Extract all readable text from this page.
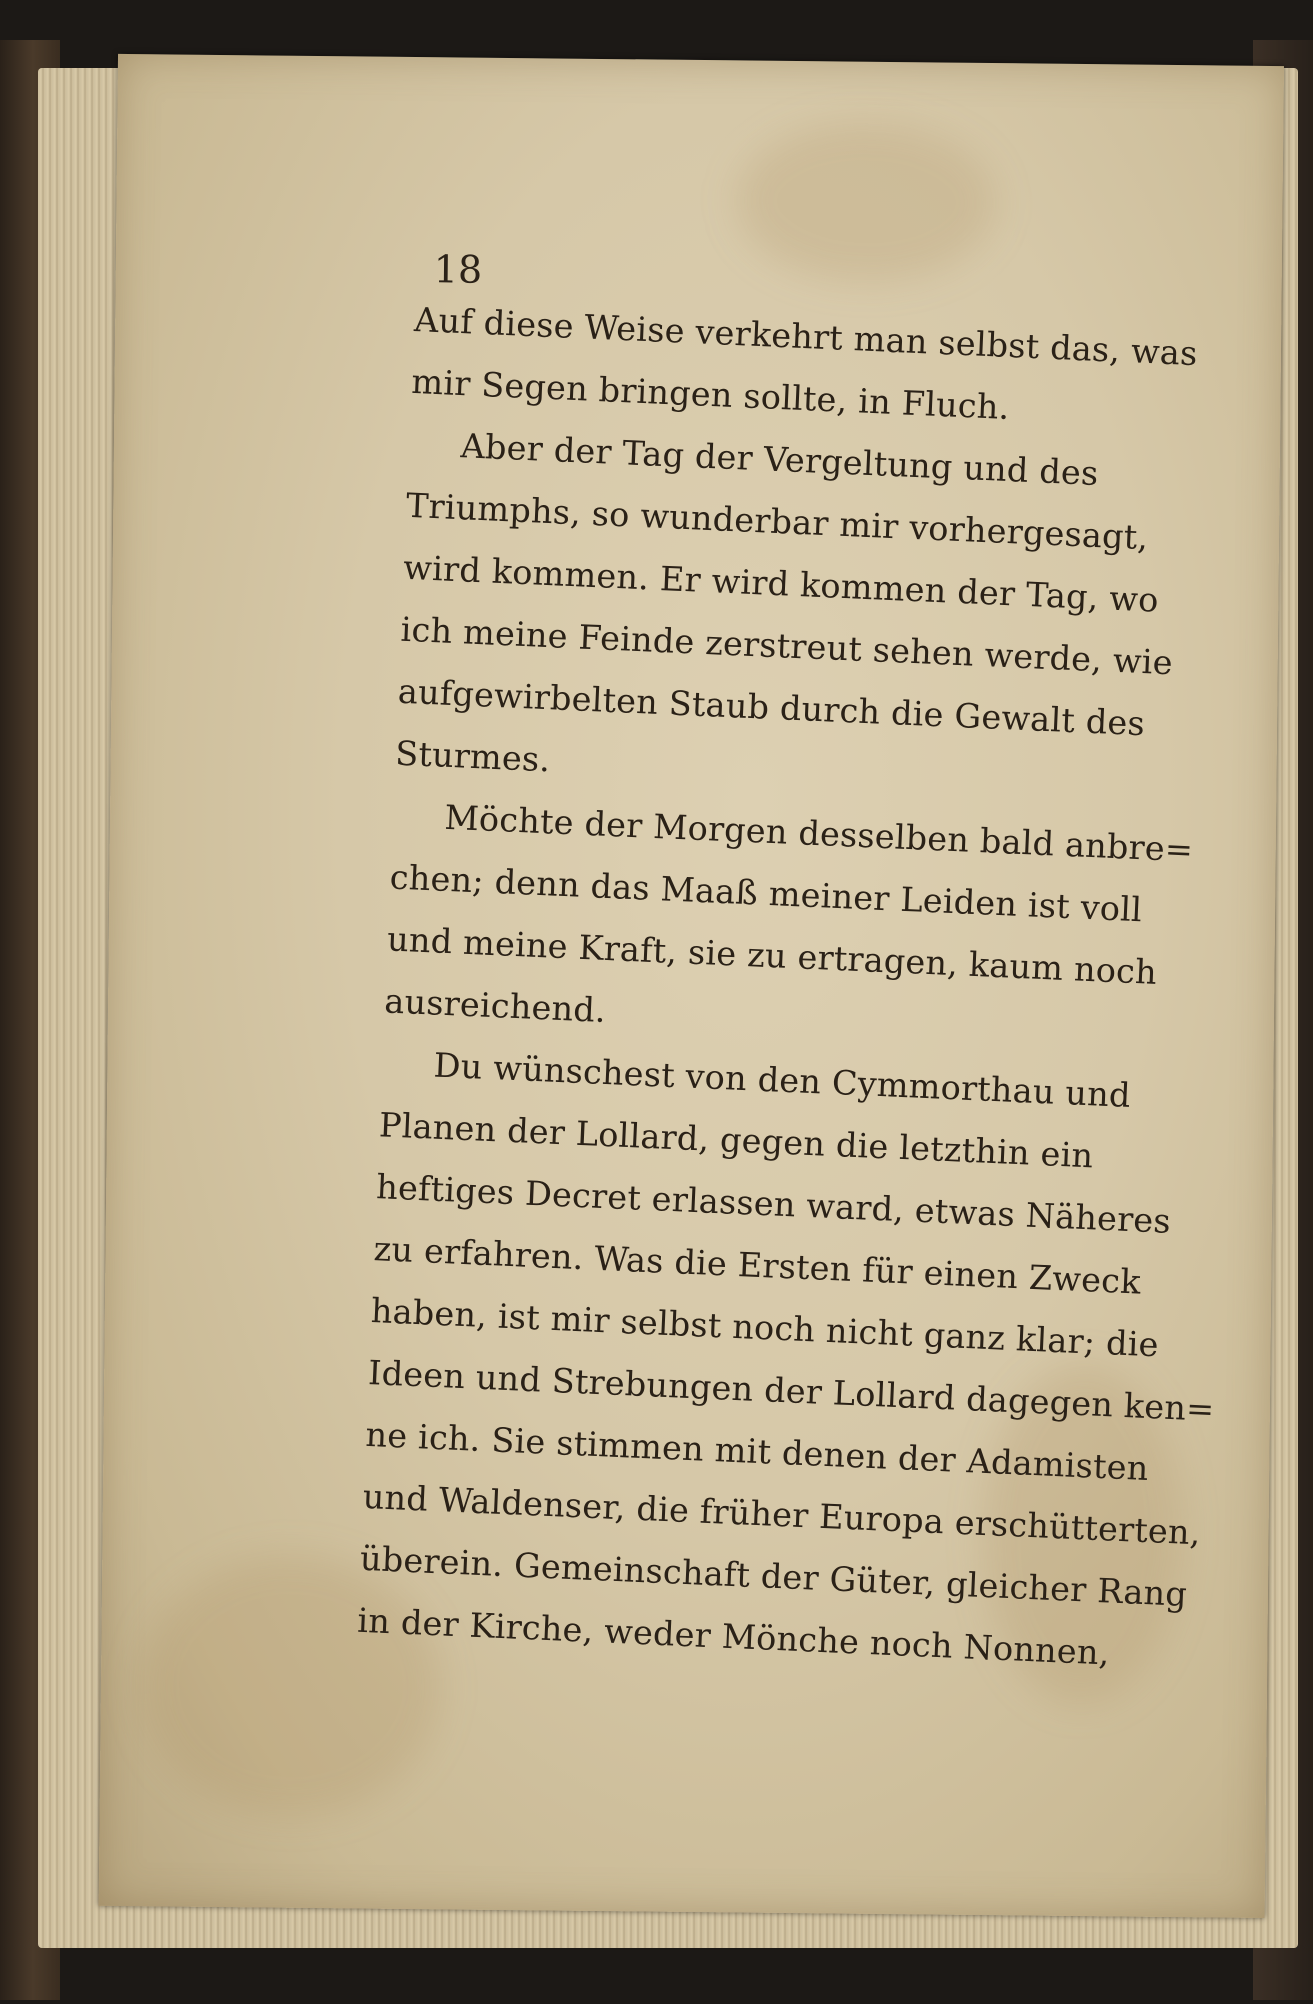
18

Auf diese Weise verkehrt man selbst das, was
mir Segen bringen sollte, in Fluch.
Aber der Tag der Vergeltung und des
Triumphs, so wunderbar mir vorhergesagt,
wird kommen. Er wird kommen der Tag, wo
ich meine Feinde zerstreut sehen werde, wie
aufgewirbelten Staub durch die Gewalt des
Sturmes.
Möchte der Morgen desselben bald anbre=
chen; denn das Maaß meiner Leiden ist voll
und meine Kraft, sie zu ertragen, kaum noch
ausreichend.
Du wünschest von den Cymmorthau und
Planen der Lollard, gegen die letzthin ein
heftiges Decret erlassen ward, etwas Näheres
zu erfahren. Was die Ersten für einen Zweck
haben, ist mir selbst noch nicht ganz klar; die
Ideen und Strebungen der Lollard dagegen ken=
ne ich. Sie stimmen mit denen der Adamisten
und Waldenser, die früher Europa erschütterten,
überein. Gemeinschaft der Güter, gleicher Rang
in der Kirche, weder Mönche noch Nonnen,
